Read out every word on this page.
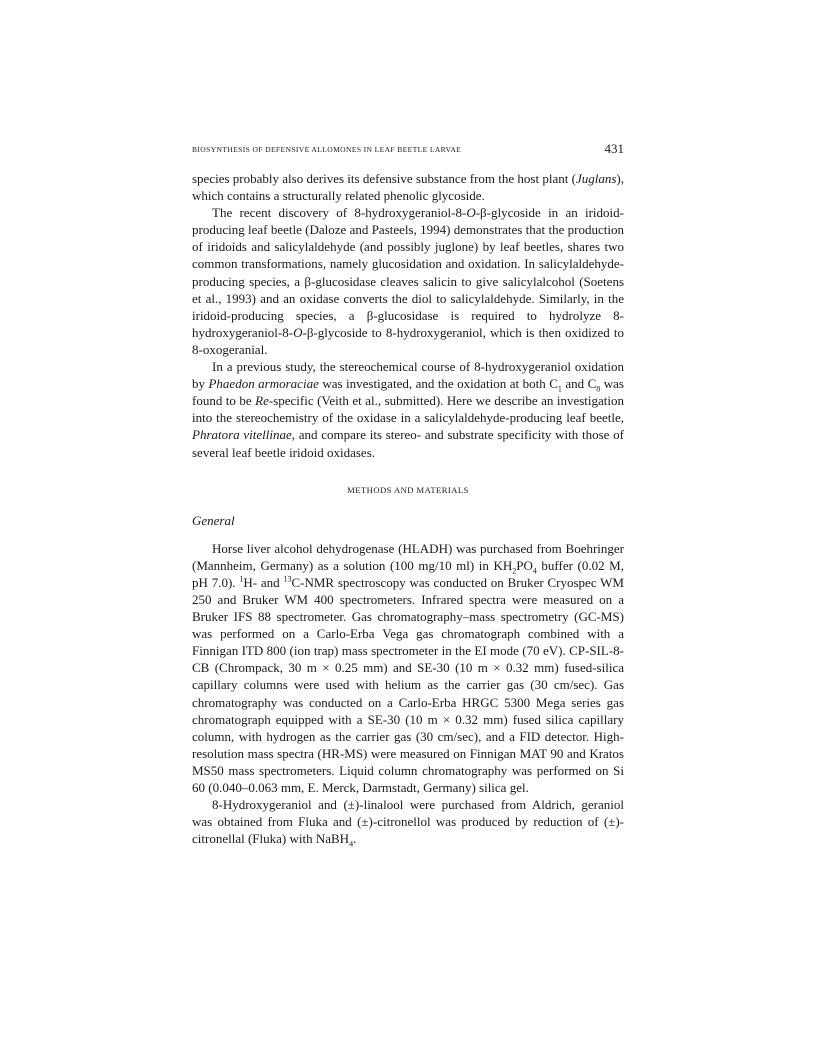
BIOSYNTHESIS OF DEFENSIVE ALLOMONES IN LEAF BEETLE LARVAE	431

species probably also derives its defensive substance from the host plant (Juglans), which contains a structurally related phenolic glycoside.

The recent discovery of 8-hydroxygeraniol-8-O-β-glycoside in an iridoid-producing leaf beetle (Daloze and Pasteels, 1994) demonstrates that the production of iridoids and salicylaldehyde (and possibly juglone) by leaf beetles, shares two common transformations, namely glucosidation and oxidation. In salicylaldehyde-producing species, a β-glucosidase cleaves salicin to give salicylalcohol (Soetens et al., 1993) and an oxidase converts the diol to salicylaldehyde. Similarly, in the iridoid-producing species, a β-glucosidase is required to hydrolyze 8-hydroxygeraniol-8-O-β-glycoside to 8-hydroxygeraniol, which is then oxidized to 8-oxogeranial.

In a previous study, the stereochemical course of 8-hydroxygeraniol oxidation by Phaedon armoraciae was investigated, and the oxidation at both $C_1$ and $C_8$ was found to be Re-specific (Veith et al., submitted). Here we describe an investigation into the stereochemistry of the oxidase in a salicylaldehyde-producing leaf beetle, Phratora vitellinae, and compare its stereo- and substrate specificity with those of several leaf beetle iridoid oxidases.

METHODS AND MATERIALS
General

Horse liver alcohol dehydrogenase (HLADH) was purchased from Boehringer (Mannheim, Germany) as a solution (100 mg/10 ml) in $KH_2PO_4$ buffer (0.02 M, pH 7.0). $^1$H- and $^{13}$C-NMR spectroscopy was conducted on Bruker Cryospec WM 250 and Bruker WM 400 spectrometers. Infrared spectra were measured on a Bruker IFS 88 spectrometer. Gas chromatography–mass spectrometry (GC-MS) was performed on a Carlo-Erba Vega gas chromatograph combined with a Finnigan ITD 800 (ion trap) mass spectrometer in the EI mode (70 eV). CP-SIL-8-CB (Chrompack, 30 m × 0.25 mm) and SE-30 (10 m × 0.32 mm) fused-silica capillary columns were used with helium as the carrier gas (30 cm/sec). Gas chromatography was conducted on a Carlo-Erba HRGC 5300 Mega series gas chromatograph equipped with a SE-30 (10 m × 0.32 mm) fused silica capillary column, with hydrogen as the carrier gas (30 cm/sec), and a FID detector. High-resolution mass spectra (HR-MS) were measured on Finnigan MAT 90 and Kratos MS50 mass spectrometers. Liquid column chromatography was performed on Si 60 (0.040–0.063 mm, E. Merck, Darmstadt, Germany) silica gel.

8-Hydroxygeraniol and (±)-linalool were purchased from Aldrich, geraniol was obtained from Fluka and (±)-citronellol was produced by reduction of (±)-citronellal (Fluka) with NaBH$_4$.
